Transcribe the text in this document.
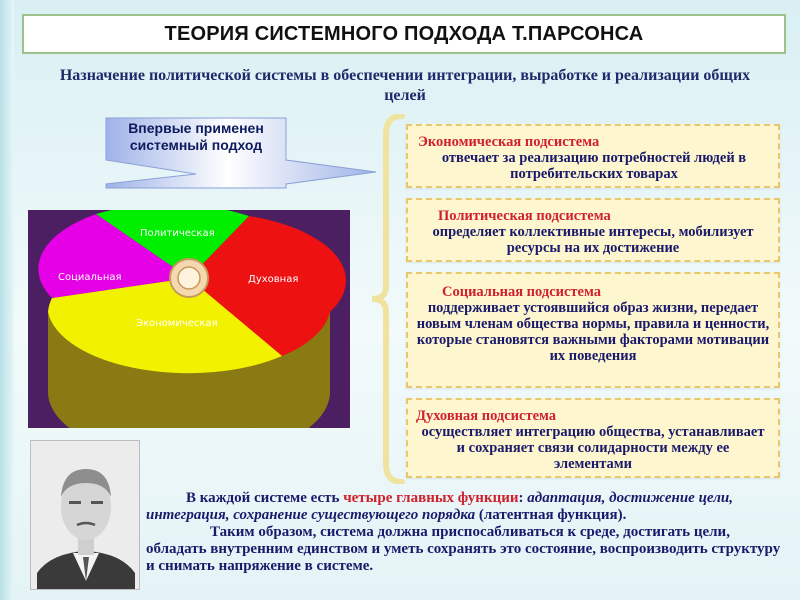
ТЕОРИЯ СИСТЕМНОГО ПОДХОДА Т.ПАРСОНСА
Назначение политической системы в обеспечении интеграции, выработке и реализации общих целей
Впервые применен системный подход
Политическая
Социальная	Духовная
Экономическая
Экономическая подсистема
отвечает за реализацию потребностей людей в потребительских товарах
Политическая подсистема
определяет коллективные интересы, мобилизует ресурсы на их достижение
Социальная подсистема
поддерживает устоявшийся образ жизни, передает новым членам общества нормы, правила и ценности, которые становятся важными факторами мотивации их поведения
Духовная подсистема
осуществляет интеграцию общества, устанавливает и сохраняет связи солидарности между ее элементами

В каждой системе есть четыре главных функции: адаптация, достижение цели, интеграция, сохранение существующего порядка (латентная функция).

Таким образом, система должна приспосабливаться к среде, достигать цели, обладать внутренним единством и уметь сохранять это состояние, воспроизводить структуру и снимать напряжение в системе.
